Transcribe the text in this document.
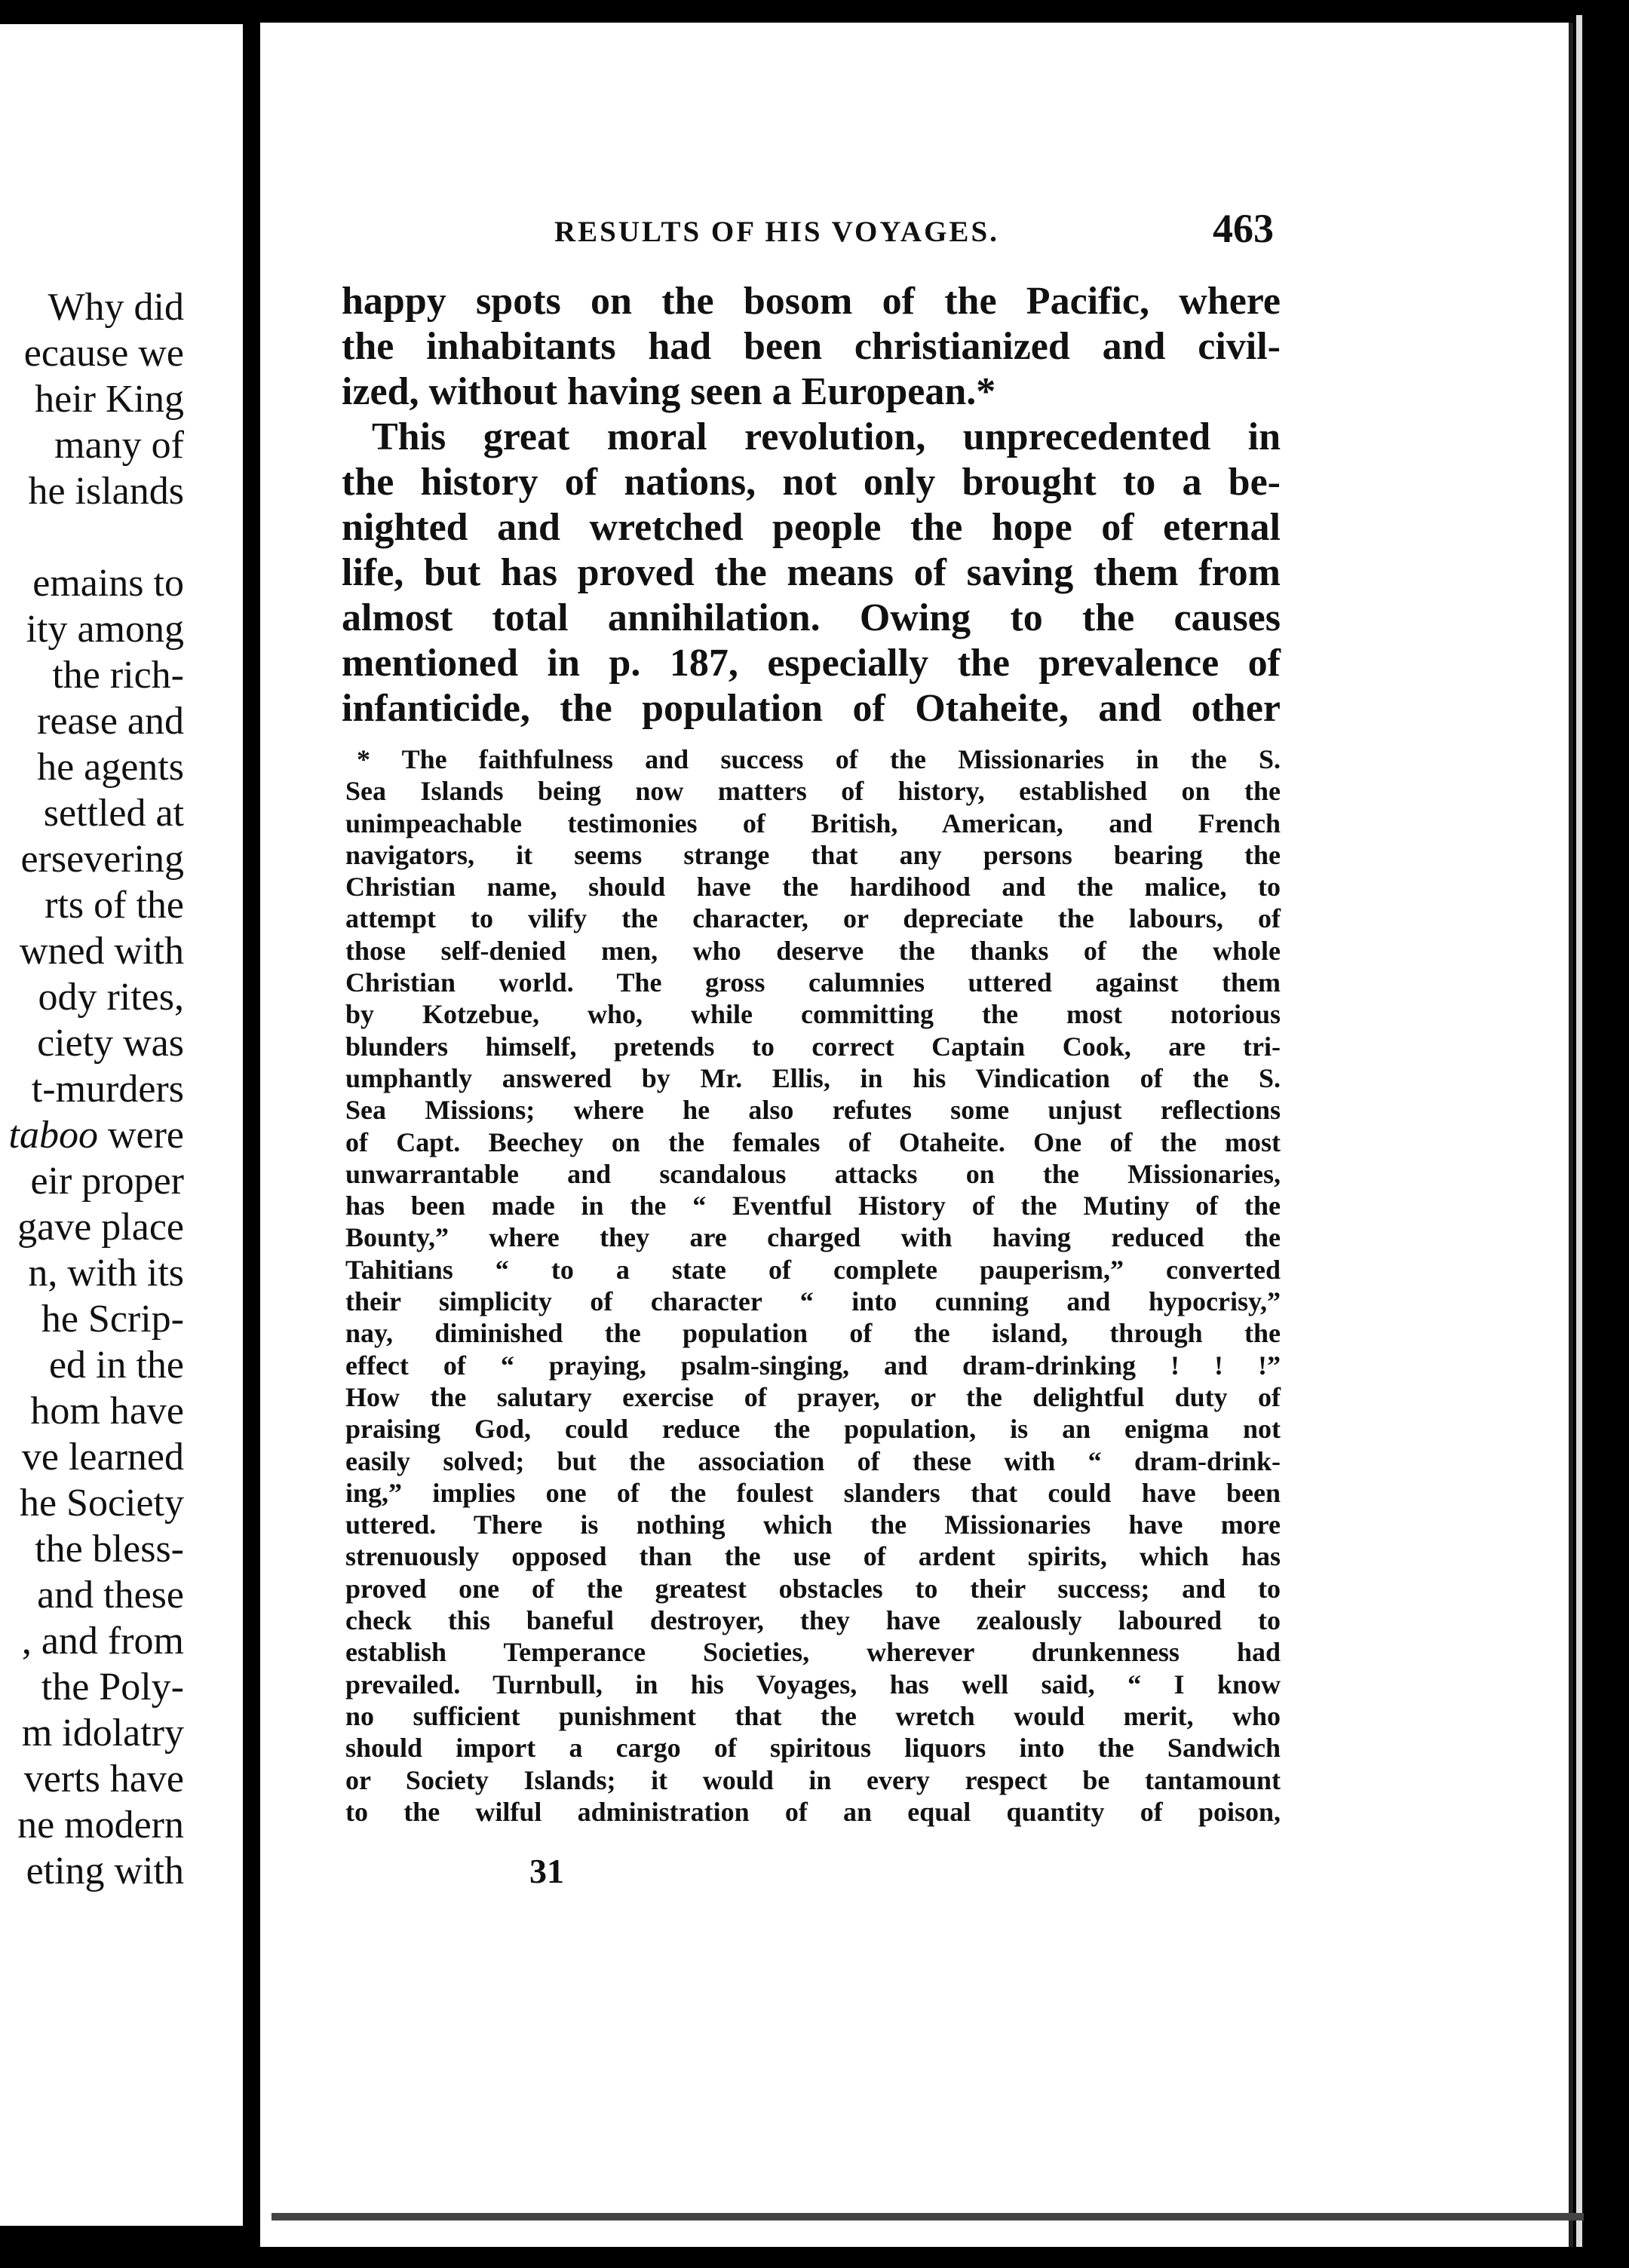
Why did
ecause we
heir King
many of
he islands
emains to
ity among
the rich-
rease and
he agents
settled at
ersevering
rts of the
wned with
ody rites,
ciety was
t-murders
taboo were
eir proper
gave place
n, with its
he Scrip-
ed in the
hom have
ve learned
he Society
the bless-
and these
, and from
the Poly-
m idolatry
verts have
ne modern
eting with
RESULTS OF HIS VOYAGES.	463
happy spots on the bosom of the Pacific, where
the inhabitants had been christianized and civil-
ized, without having seen a European.*
This great moral revolution, unprecedented in
the history of nations, not only brought to a be-
nighted and wretched people the hope of eternal
life, but has proved the means of saving them from
almost total annihilation. Owing to the causes
mentioned in p. 187, especially the prevalence of
infanticide, the population of Otaheite, and other
* The faithfulness and success of the Missionaries in the S.
Sea Islands being now matters of history, established on the
unimpeachable testimonies of British, American, and French
navigators, it seems strange that any persons bearing the
Christian name, should have the hardihood and the malice, to
attempt to vilify the character, or depreciate the labours, of
those self-denied men, who deserve the thanks of the whole
Christian world. The gross calumnies uttered against them
by Kotzebue, who, while committing the most notorious
blunders himself, pretends to correct Captain Cook, are tri-
umphantly answered by Mr. Ellis, in his Vindication of the S.
Sea Missions; where he also refutes some unjust reflections
of Capt. Beechey on the females of Otaheite. One of the most
unwarrantable and scandalous attacks on the Missionaries,
has been made in the “ Eventful History of the Mutiny of the
Bounty,” where they are charged with having reduced the
Tahitians “ to a state of complete pauperism,” converted
their simplicity of character “ into cunning and hypocrisy,”
nay, diminished the population of the island, through the
effect of “ praying, psalm-singing, and dram-drinking ! ! !”
How the salutary exercise of prayer, or the delightful duty of
praising God, could reduce the population, is an enigma not
easily solved; but the association of these with “ dram-drink-
ing,” implies one of the foulest slanders that could have been
uttered. There is nothing which the Missionaries have more
strenuously opposed than the use of ardent spirits, which has
proved one of the greatest obstacles to their success; and to
check this baneful destroyer, they have zealously laboured to
establish Temperance Societies, wherever drunkenness had
prevailed. Turnbull, in his Voyages, has well said, “ I know
no sufficient punishment that the wretch would merit, who
should import a cargo of spiritous liquors into the Sandwich
or Society Islands; it would in every respect be tantamount
to the wilful administration of an equal quantity of poison,
31
